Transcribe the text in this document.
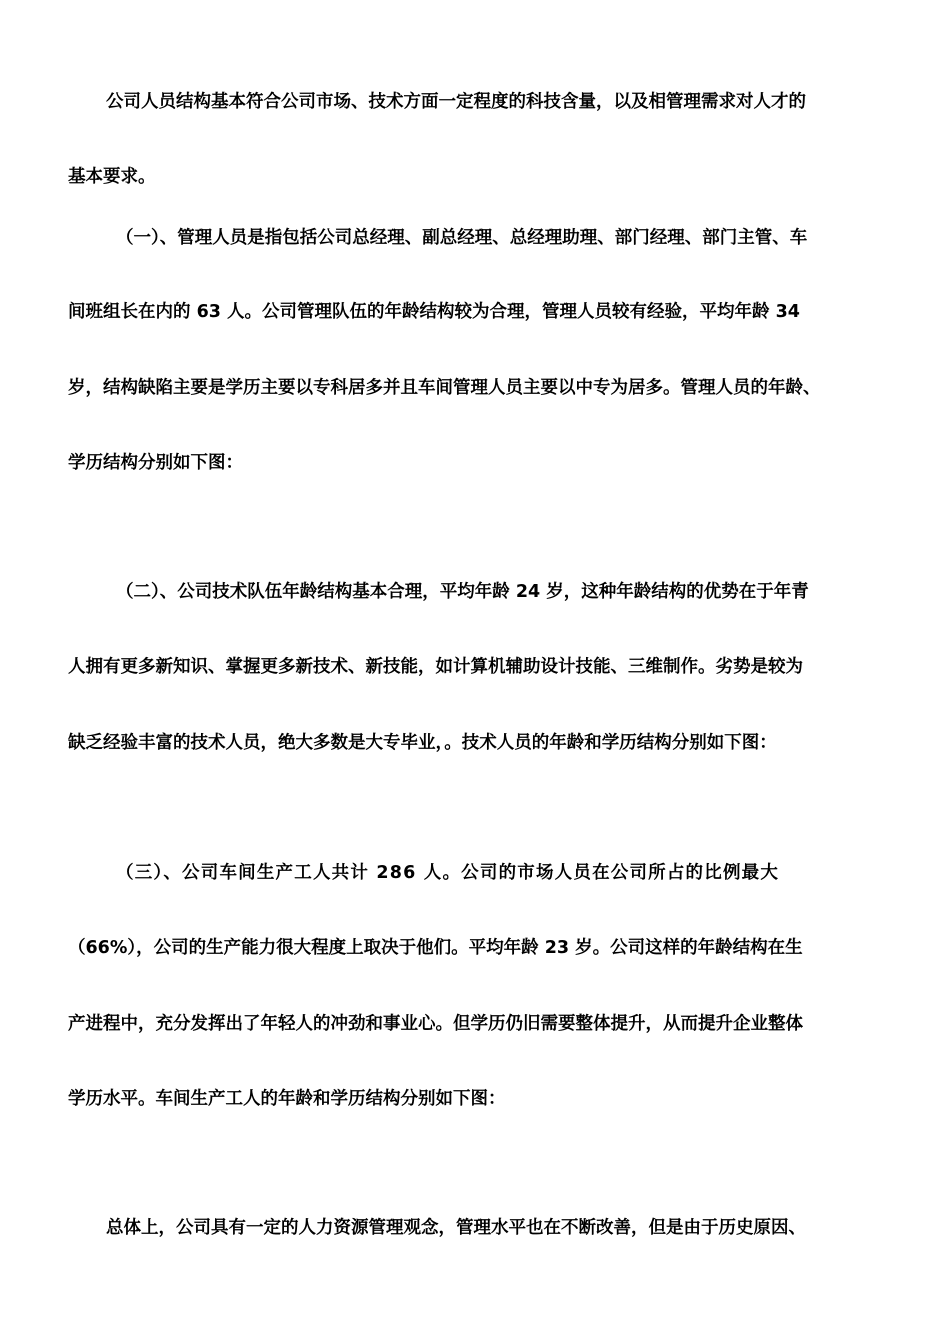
公司人员结构基本符合公司市场、技术方面一定程度的科技含量，以及相管理需求对人才的
基本要求。
（一）、管理人员是指包括公司总经理、副总经理、总经理助理、部门经理、部门主管、车
间班组长在内的 63 人。公司管理队伍的年龄结构较为合理，管理人员较有经验，平均年龄 34
岁，结构缺陷主要是学历主要以专科居多并且车间管理人员主要以中专为居多。管理人员的年龄、
学历结构分别如下图：
（二）、公司技术队伍年龄结构基本合理，平均年龄 24 岁，这种年龄结构的优势在于年青
人拥有更多新知识、掌握更多新技术、新技能，如计算机辅助设计技能、三维制作。劣势是较为
缺乏经验丰富的技术人员，绝大多数是大专毕业，。技术人员的年龄和学历结构分别如下图：
（三）、公司车间生产工人共计 286 人。公司的市场人员在公司所占的比例最大
（66%），公司的生产能力很大程度上取决于他们。平均年龄 23 岁。公司这样的年龄结构在生
产进程中，充分发挥出了年轻人的冲劲和事业心。但学历仍旧需要整体提升，从而提升企业整体
学历水平。车间生产工人的年龄和学历结构分别如下图：
总体上，公司具有一定的人力资源管理观念，管理水平也在不断改善，但是由于历史原因、
